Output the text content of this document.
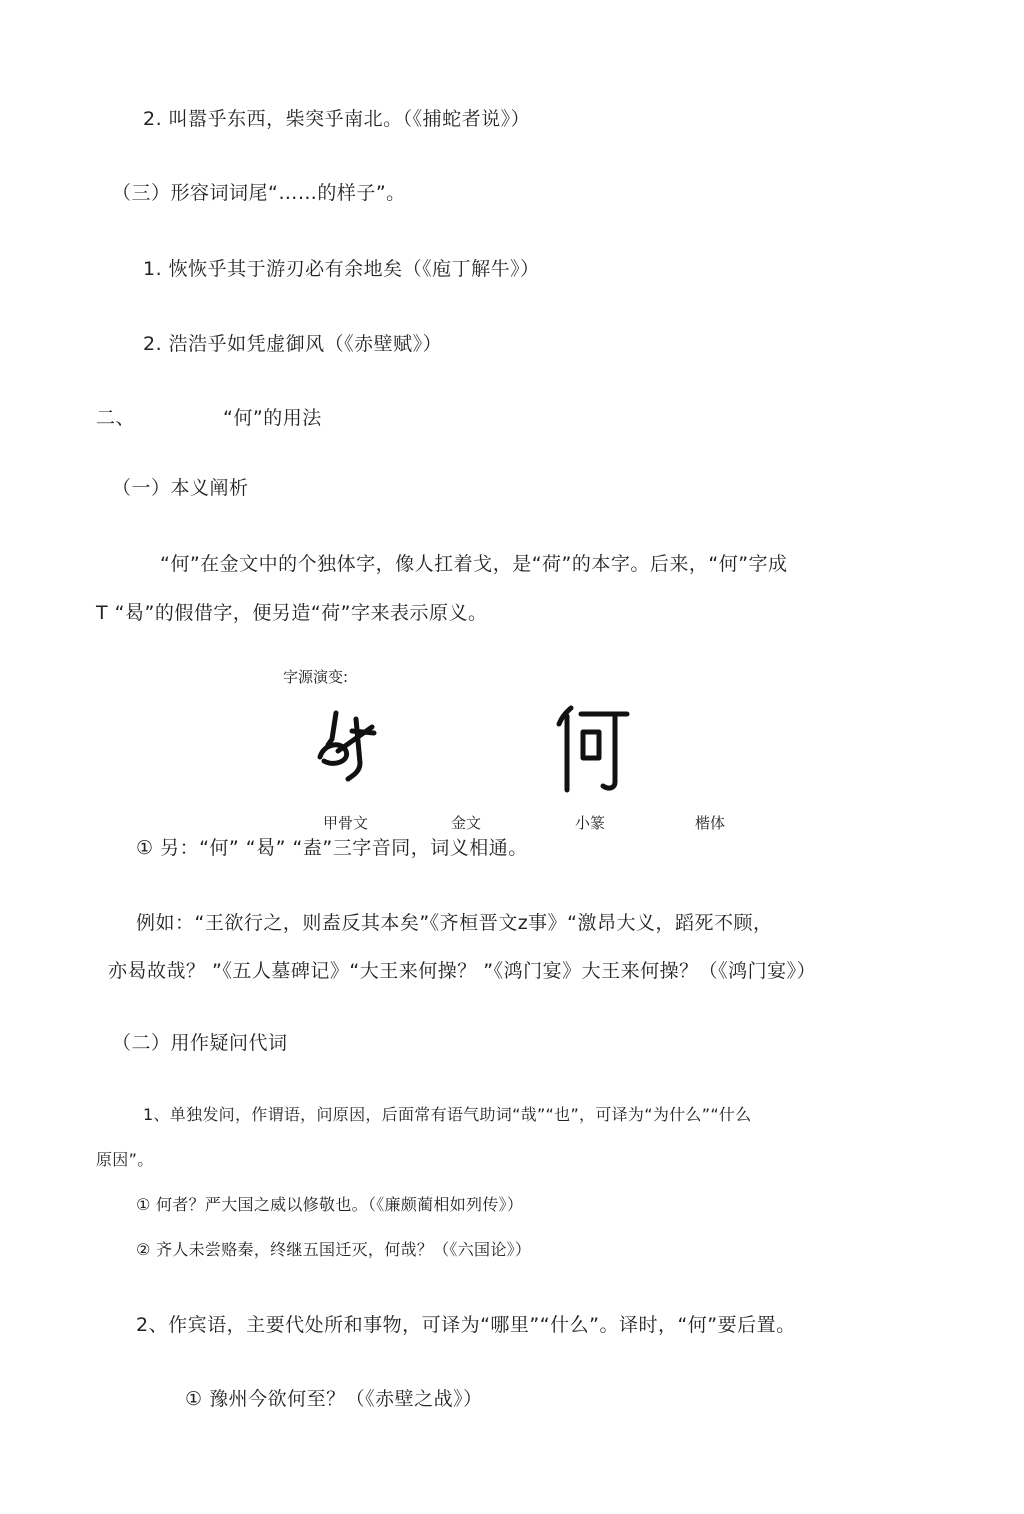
2. 叫嚣乎东西，柴突乎南北。（《捕蛇者说》）
（三）形容词词尾“……的样子”。
1. 恢恢乎其于游刃必有余地矣（《庖丁解牛》）
2. 浩浩乎如凭虚御风（《赤壁赋》）
二、	“何”的用法
（一）本义阐析
“何”在金文中的个独体字，像人扛着戈，是“荷”的本字。后来，“何”字成
T “曷”的假借字，便另造“荷”字来表示原义。
字源演变:
甲骨文	金文	小篆	楷体
① 另：“何” “曷” “盍”三字音同，词义相通。
例如：“王欲行之，则盍反其本矣”《齐桓晋文z事》“激昂大义，蹈死不顾，
亦曷故哉？ ”《五人墓碑记》“大王来何操？ ”《鸿门宴》大王来何操？（《鸿门宴》）
（二）用作疑问代词
1、单独发问，作谓语，问原因，后面常有语气助词“哉”“也”，可译为“为什么”“什么
原因”。
① 何者？严大国之威以修敬也。（《廉颇蔺相如列传》）
② 齐人未尝赂秦，终继五国迁灭，何哉？（《六国论》）
2、作宾语，主要代处所和事物，可译为“哪里”“什么”。译时，“何”要后置。
① 豫州今欲何至？（《赤壁之战》）
